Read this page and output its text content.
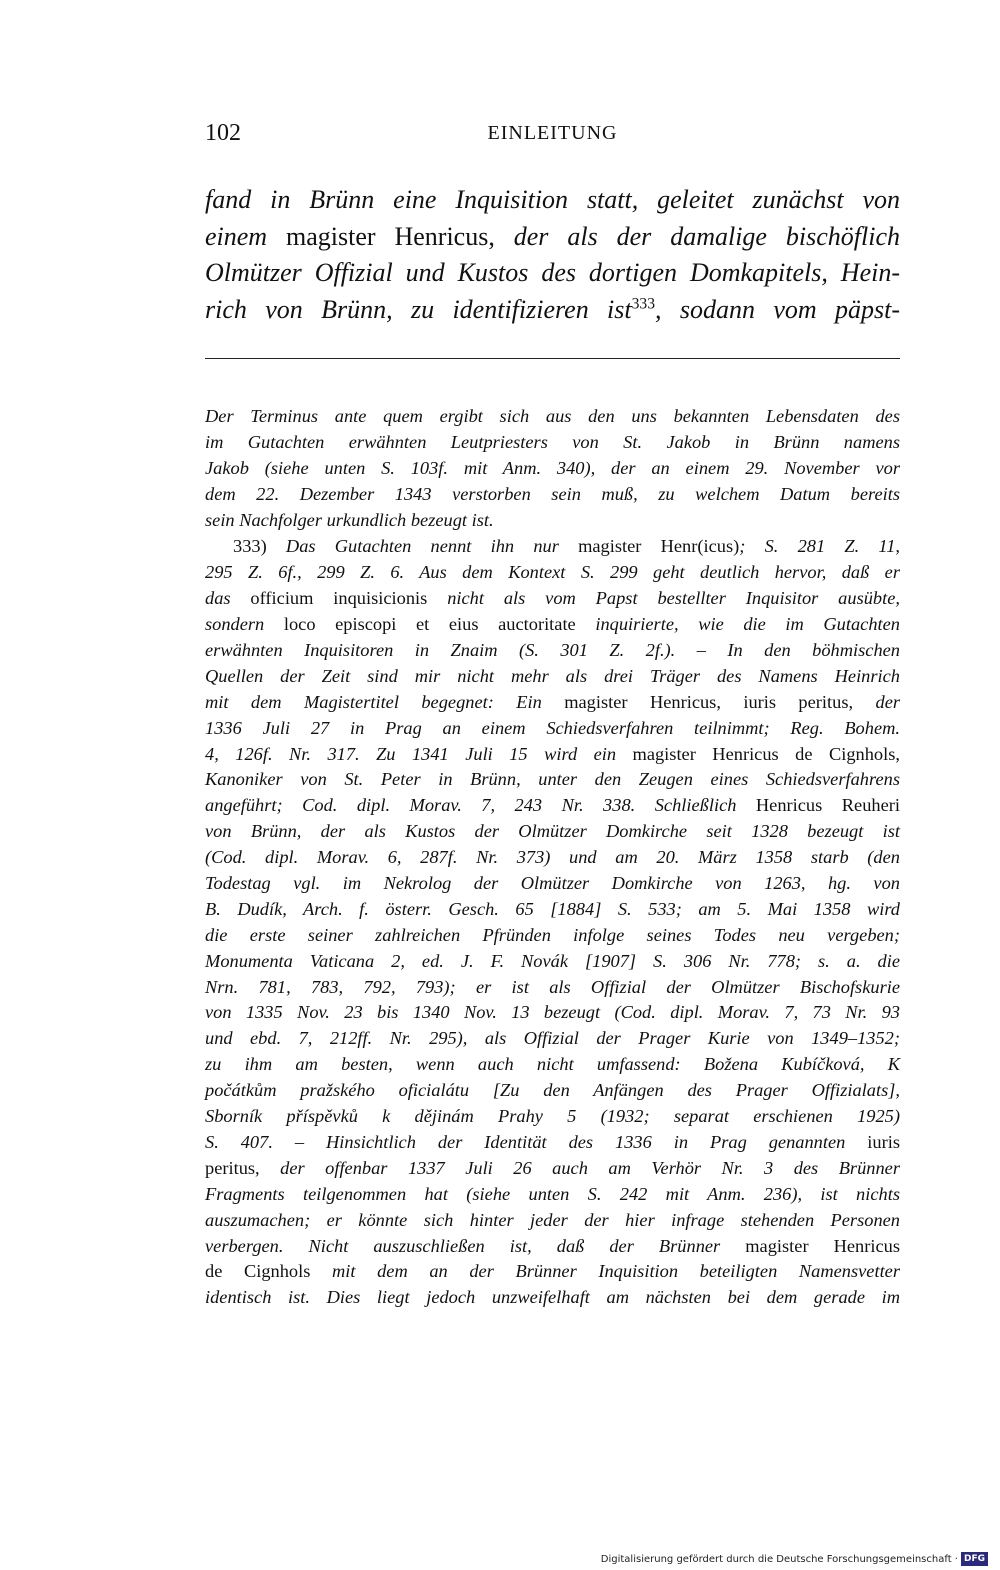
102	EINLEITUNG
fand in Brünn eine Inquisition statt, geleitet zunächst von
einem magister Henricus, der als der damalige bischöflich
Olmützer Offizial und Kustos des dortigen Domkapitels, Hein-
rich von Brünn, zu identifizieren ist$^{333}$, sodann vom päpst-
Der Terminus ante quem ergibt sich aus den uns bekannten Lebensdaten des
im Gutachten erwähnten Leutpriesters von St. Jakob in Brünn namens
Jakob (siehe unten S. 103f. mit Anm. 340), der an einem 29. November vor
dem 22. Dezember 1343 verstorben sein muß, zu welchem Datum bereits
sein Nachfolger urkundlich bezeugt ist.
333) Das Gutachten nennt ihn nur magister Henr(icus); S. 281 Z. 11,
295 Z. 6f., 299 Z. 6. Aus dem Kontext S. 299 geht deutlich hervor, daß er
das officium inquisicionis nicht als vom Papst bestellter Inquisitor ausübte,
sondern loco episcopi et eius auctoritate inquirierte, wie die im Gutachten
erwähnten Inquisitoren in Znaim (S. 301 Z. 2f.). – In den böhmischen
Quellen der Zeit sind mir nicht mehr als drei Träger des Namens Heinrich
mit dem Magistertitel begegnet: Ein magister Henricus, iuris peritus, der
1336 Juli 27 in Prag an einem Schiedsverfahren teilnimmt; Reg. Bohem.
4, 126f. Nr. 317. Zu 1341 Juli 15 wird ein magister Henricus de Cignhols,
Kanoniker von St. Peter in Brünn, unter den Zeugen eines Schiedsverfahrens
angeführt; Cod. dipl. Morav. 7, 243 Nr. 338. Schließlich Henricus Reuheri
von Brünn, der als Kustos der Olmützer Domkirche seit 1328 bezeugt ist
(Cod. dipl. Morav. 6, 287f. Nr. 373) und am 20. März 1358 starb (den
Todestag vgl. im Nekrolog der Olmützer Domkirche von 1263, hg. von
B. Dudík, Arch. f. österr. Gesch. 65 [1884] S. 533; am 5. Mai 1358 wird
die erste seiner zahlreichen Pfründen infolge seines Todes neu vergeben;
Monumenta Vaticana 2, ed. J. F. Novák [1907] S. 306 Nr. 778; s. a. die
Nrn. 781, 783, 792, 793); er ist als Offizial der Olmützer Bischofskurie
von 1335 Nov. 23 bis 1340 Nov. 13 bezeugt (Cod. dipl. Morav. 7, 73 Nr. 93
und ebd. 7, 212ff. Nr. 295), als Offizial der Prager Kurie von 1349–1352;
zu ihm am besten, wenn auch nicht umfassend: Božena Kubíčková, K
počátkům pražského oficialátu [Zu den Anfängen des Prager Offizialats],
Sborník příspěvků k dějinám Prahy 5 (1932; separat erschienen 1925)
S. 407. – Hinsichtlich der Identität des 1336 in Prag genannten iuris
peritus, der offenbar 1337 Juli 26 auch am Verhör Nr. 3 des Brünner
Fragments teilgenommen hat (siehe unten S. 242 mit Anm. 236), ist nichts
auszumachen; er könnte sich hinter jeder der hier infrage stehenden Personen
verbergen. Nicht auszuschließen ist, daß der Brünner magister Henricus
de Cignhols mit dem an der Brünner Inquisition beteiligten Namensvetter
identisch ist. Dies liegt jedoch unzweifelhaft am nächsten bei dem gerade im
Digitalisierung gefördert durch die Deutsche Forschungsgemeinschaft · DFG
